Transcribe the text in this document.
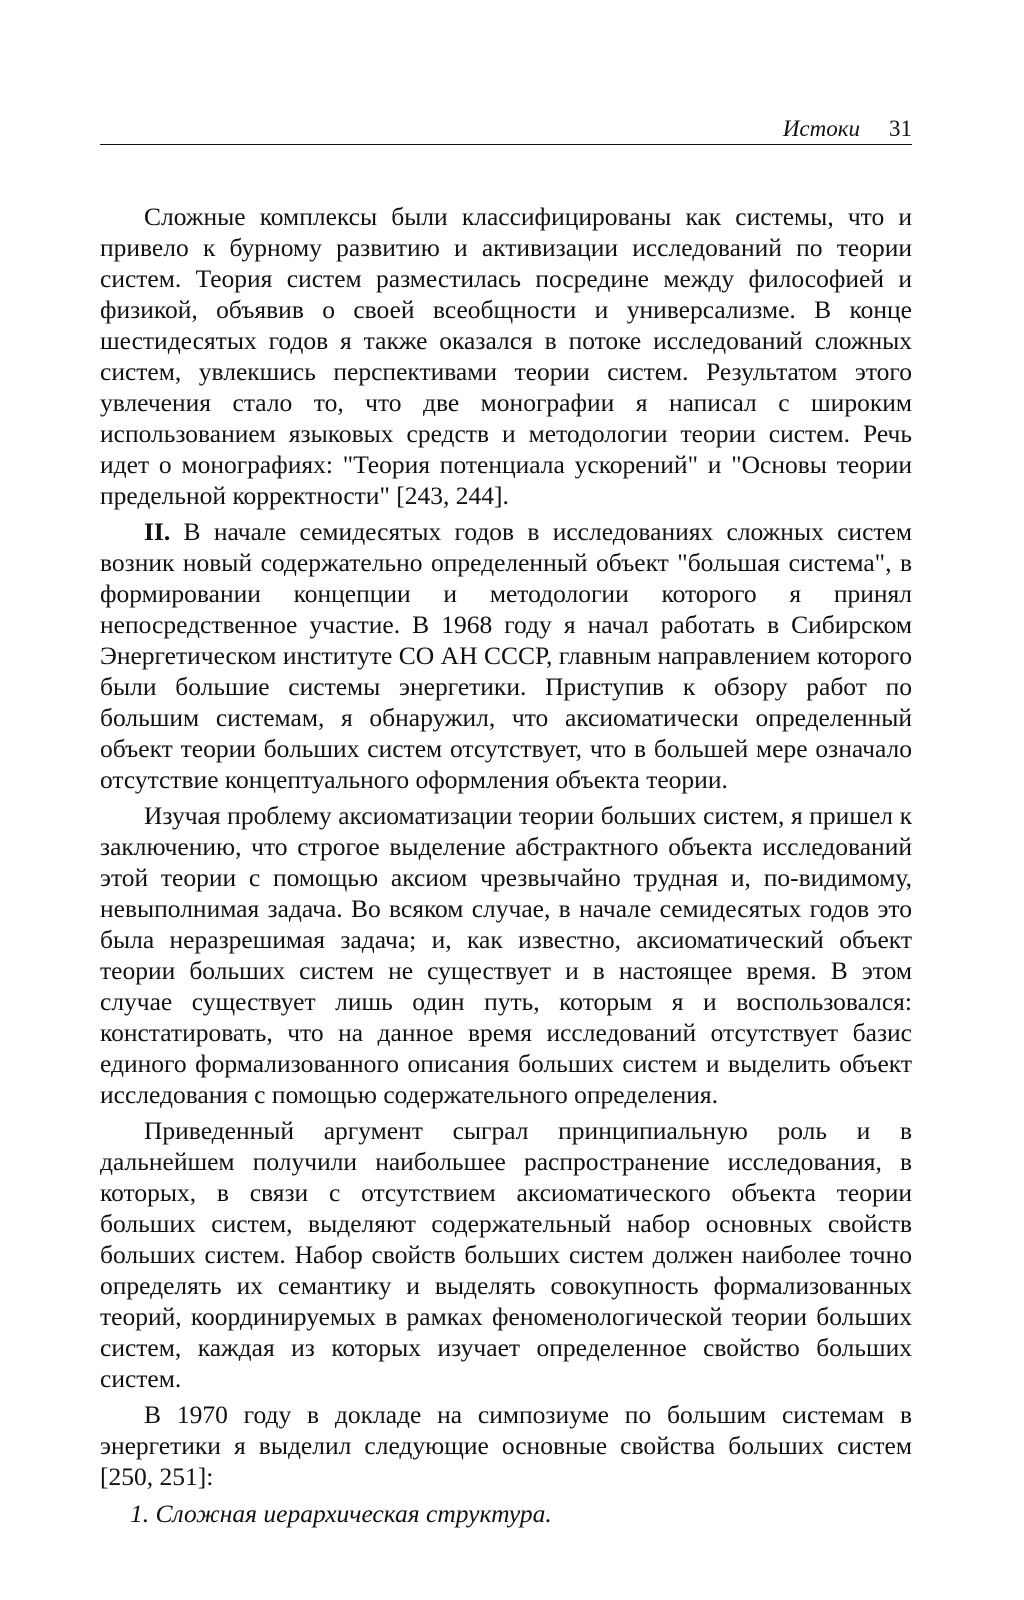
Истоки 31

Сложные комплексы были классифицированы как системы, что и привело к бурному развитию и активизации исследований по теории систем. Теория систем разместилась посредине между философией и физикой, объявив о своей всеобщности и универсализме. В конце шестидесятых годов я также оказался в потоке исследований сложных систем, увлекшись перспективами теории систем. Результатом этого увлечения стало то, что две монографии я написал с широким использованием языковых средств и методологии теории систем. Речь идет о монографиях: "Теория потенциала ускорений" и "Основы теории предельной корректности" [243, 244].

II. В начале семидесятых годов в исследованиях сложных систем возник новый содержательно определенный объект "большая система", в формировании концепции и методологии которого я принял непосредственное участие. В 1968 году я начал работать в Сибирском Энергетическом институте СО АН СССР, главным направлением которого были большие системы энергетики. Приступив к обзору работ по большим системам, я обнаружил, что аксиоматически определенный объект теории больших систем отсутствует, что в большей мере означало отсутствие концептуального оформления объекта теории.

Изучая проблему аксиоматизации теории больших систем, я пришел к заключению, что строгое выделение абстрактного объекта исследований этой теории с помощью аксиом чрезвычайно трудная и, по-видимому, невыполнимая задача. Во всяком случае, в начале семидесятых годов это была неразрешимая задача; и, как известно, аксиоматический объект теории больших систем не существует и в настоящее время. В этом случае существует лишь один путь, которым я и воспользовался: констатировать, что на данное время исследований отсутствует базис единого формализованного описания больших систем и выделить объект исследования с помощью содержательного определения.

Приведенный аргумент сыграл принципиальную роль и в дальнейшем получили наибольшее распространение исследования, в которых, в связи с отсутствием аксиоматического объекта теории больших систем, выделяют содержательный набор основных свойств больших систем. Набор свойств больших систем должен наиболее точно определять их семантику и выделять совокупность формализованных теорий, координируемых в рамках феноменологической теории больших систем, каждая из которых изучает определенное свойство больших систем.

В 1970 году в докладе на симпозиуме по большим системам в энергетики я выделил следующие основные свойства больших систем [250, 251]:

1. Сложная иерархическая структура.
